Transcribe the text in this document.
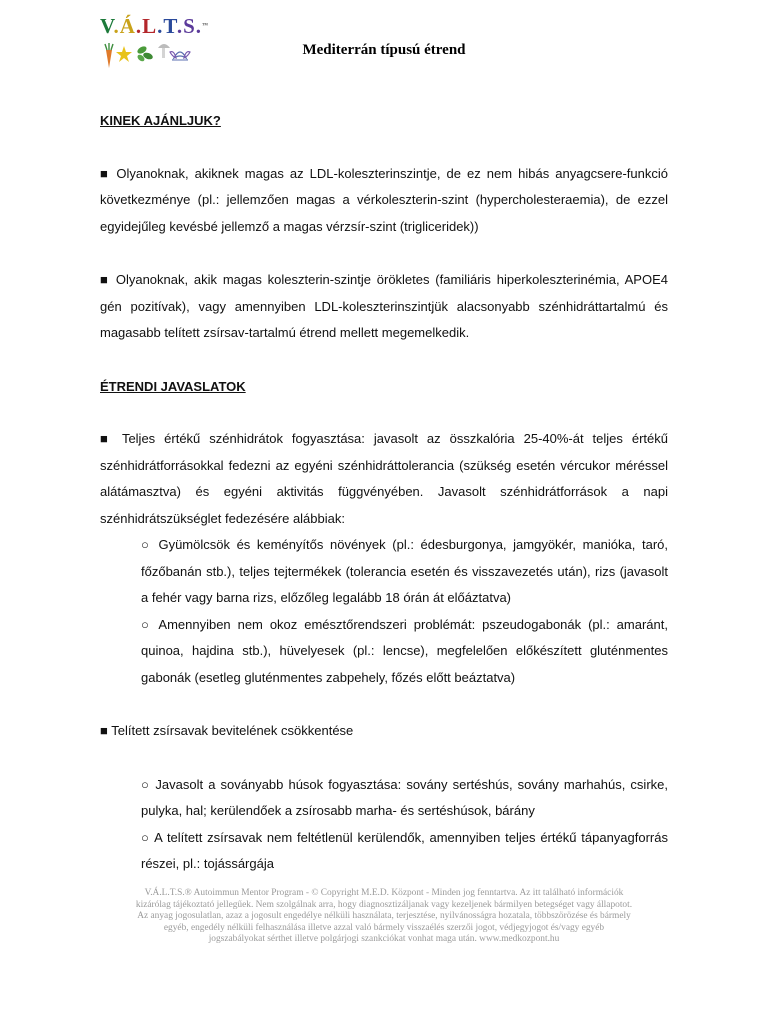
V.Á.L.T.S.™
Mediterrán típusú étrend

KINEK AJÁNLJUK?

■ Olyanoknak, akiknek magas az LDL-koleszterinszintje, de ez nem hibás anyagcsere-funkció következménye (pl.: jellemzően magas a vérkoleszterin-szint (hypercholesteraemia), de ezzel egyidejűleg kevésbé jellemző a magas vérzsír-szint (trigliceridek))

■ Olyanoknak, akik magas koleszterin-szintje örökletes (familiáris hiperkoleszterinémia, APOE4 gén pozitívak), vagy amennyiben LDL-koleszterinszintjük alacsonyabb szénhidráttartalmú és magasabb telített zsírsav-tartalmú étrend mellett megemelkedik.

ÉTRENDI JAVASLATOK

■ Teljes értékű szénhidrátok fogyasztása: javasolt az összkalória 25-40%-át teljes értékű szénhidrátforrásokkal fedezni az egyéni szénhidráttolerancia (szükség esetén vércukor méréssel alátámasztva) és egyéni aktivitás függvényében. Javasolt szénhidrátforrások a napi szénhidrátszükséglet fedezésére alábbiak:

○ Gyümölcsök és keményítős növények (pl.: édesburgonya, jamgyökér, manióka, taró, főzőbanán stb.), teljes tejtermékek (tolerancia esetén és visszavezetés után), rizs (javasolt a fehér vagy barna rizs, előzőleg legalább 18 órán át előáztatva)

○ Amennyiben nem okoz emésztőrendszeri problémát: pszeudogabonák (pl.: amaránt, quinoa, hajdina stb.), hüvelyesek (pl.: lencse), megfelelően előkészített gluténmentes gabonák (esetleg gluténmentes zabpehely, főzés előtt beáztatva)

■ Telített zsírsavak bevitelének csökkentése

○ Javasolt a soványabb húsok fogyasztása: sovány sertéshús, sovány marhahús, csirke, pulyka, hal; kerülendőek a zsírosabb marha- és sertéshúsok, bárány

○ A telített zsírsavak nem feltétlenül kerülendők, amennyiben teljes értékű tápanyagforrás részei, pl.: tojássárgája

V.Á.L.T.S.® Autoimmun Mentor Program - © Copyright M.E.D. Központ - Minden jog fenntartva. Az itt található információk
kizárólag tájékoztató jellegűek. Nem szolgálnak arra, hogy diagnosztizáljanak vagy kezeljenek bármilyen betegséget vagy állapotot.
Az anyag jogosulatlan, azaz a jogosult engedélye nélküli használata, terjesztése, nyilvánosságra hozatala, többszörözése és bármely
egyéb, engedély nélküli felhasználása illetve azzal való bármely visszaélés szerzői jogot, védjegyjogot és/vagy egyéb
jogszabályokat sérthet illetve polgárjogi szankciókat vonhat maga után. www.medkozpont.hu
